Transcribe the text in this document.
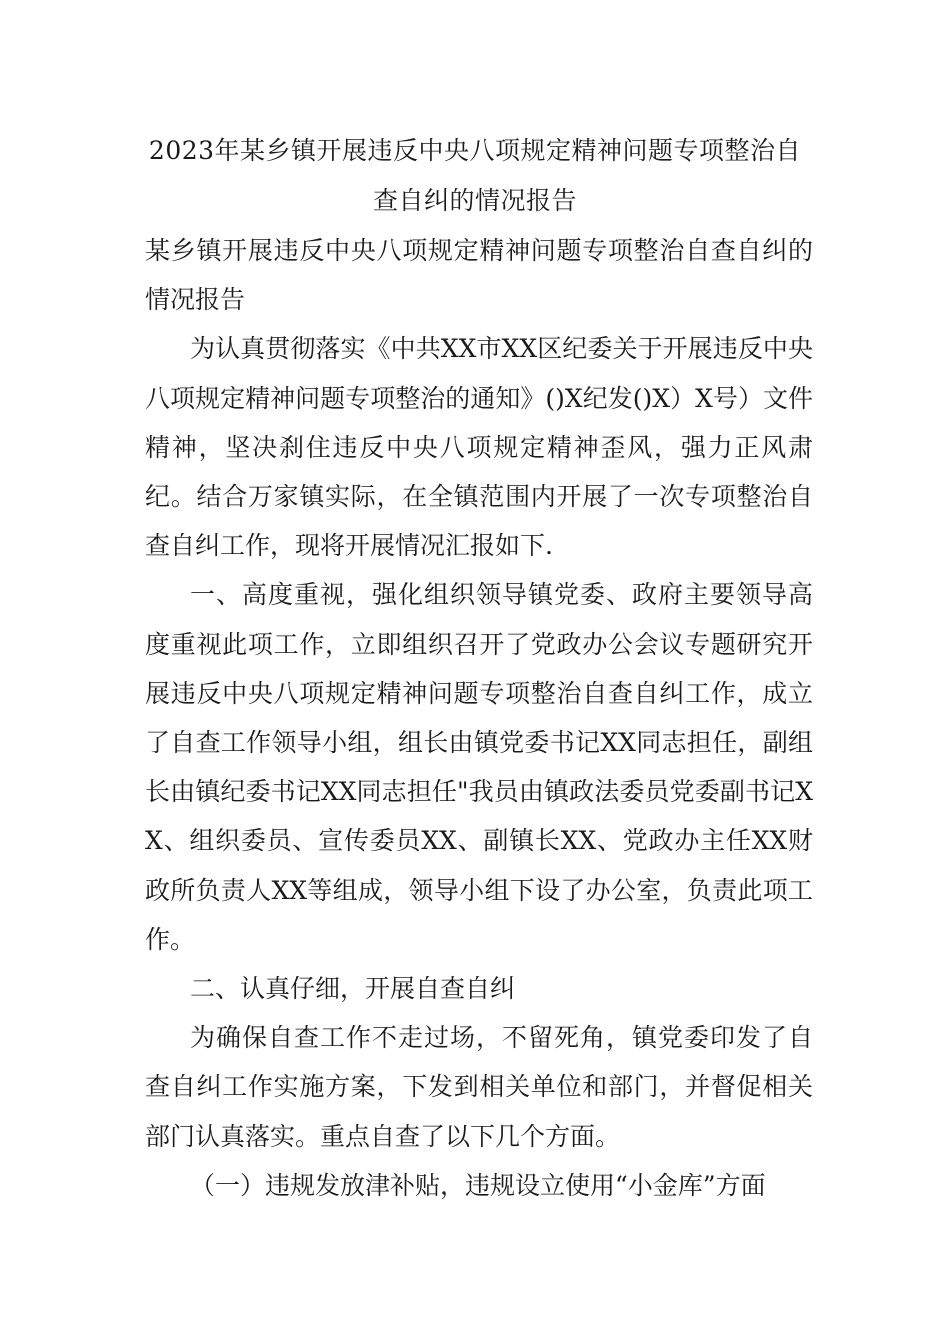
2023年某乡镇开展违反中央八项规定精神问题专项整治自
查自纠的情况报告

某乡镇开展违反中央八项规定精神问题专项整治自查自纠的情况报告

为认真贯彻落实《中共XX市XX区纪委关于开展违反中央八项规定精神问题专项整治的通知》()X纪发()X）X号）文件精神，坚决刹住违反中央八项规定精神歪风，强力正风肃纪。结合万家镇实际，在全镇范围内开展了一次专项整治自查自纠工作，现将开展情况汇报如下.

一、高度重视，强化组织领导镇党委、政府主要领导高度重视此项工作，立即组织召开了党政办公会议专题研究开展违反中央八项规定精神问题专项整治自查自纠工作，成立了自查工作领导小组，组长由镇党委书记XX同志担任，副组长由镇纪委书记XX同志担任"我员由镇政法委员党委副书记XX、组织委员、宣传委员XX、副镇长XX、党政办主任XX财政所负责人XX等组成，领导小组下设了办公室，负责此项工作。

二、认真仔细，开展自查自纠

为确保自查工作不走过场，不留死角，镇党委印发了自查自纠工作实施方案，下发到相关单位和部门，并督促相关部门认真落实。重点自查了以下几个方面。

（一）违规发放津补贴，违规设立使用“小金库”方面
